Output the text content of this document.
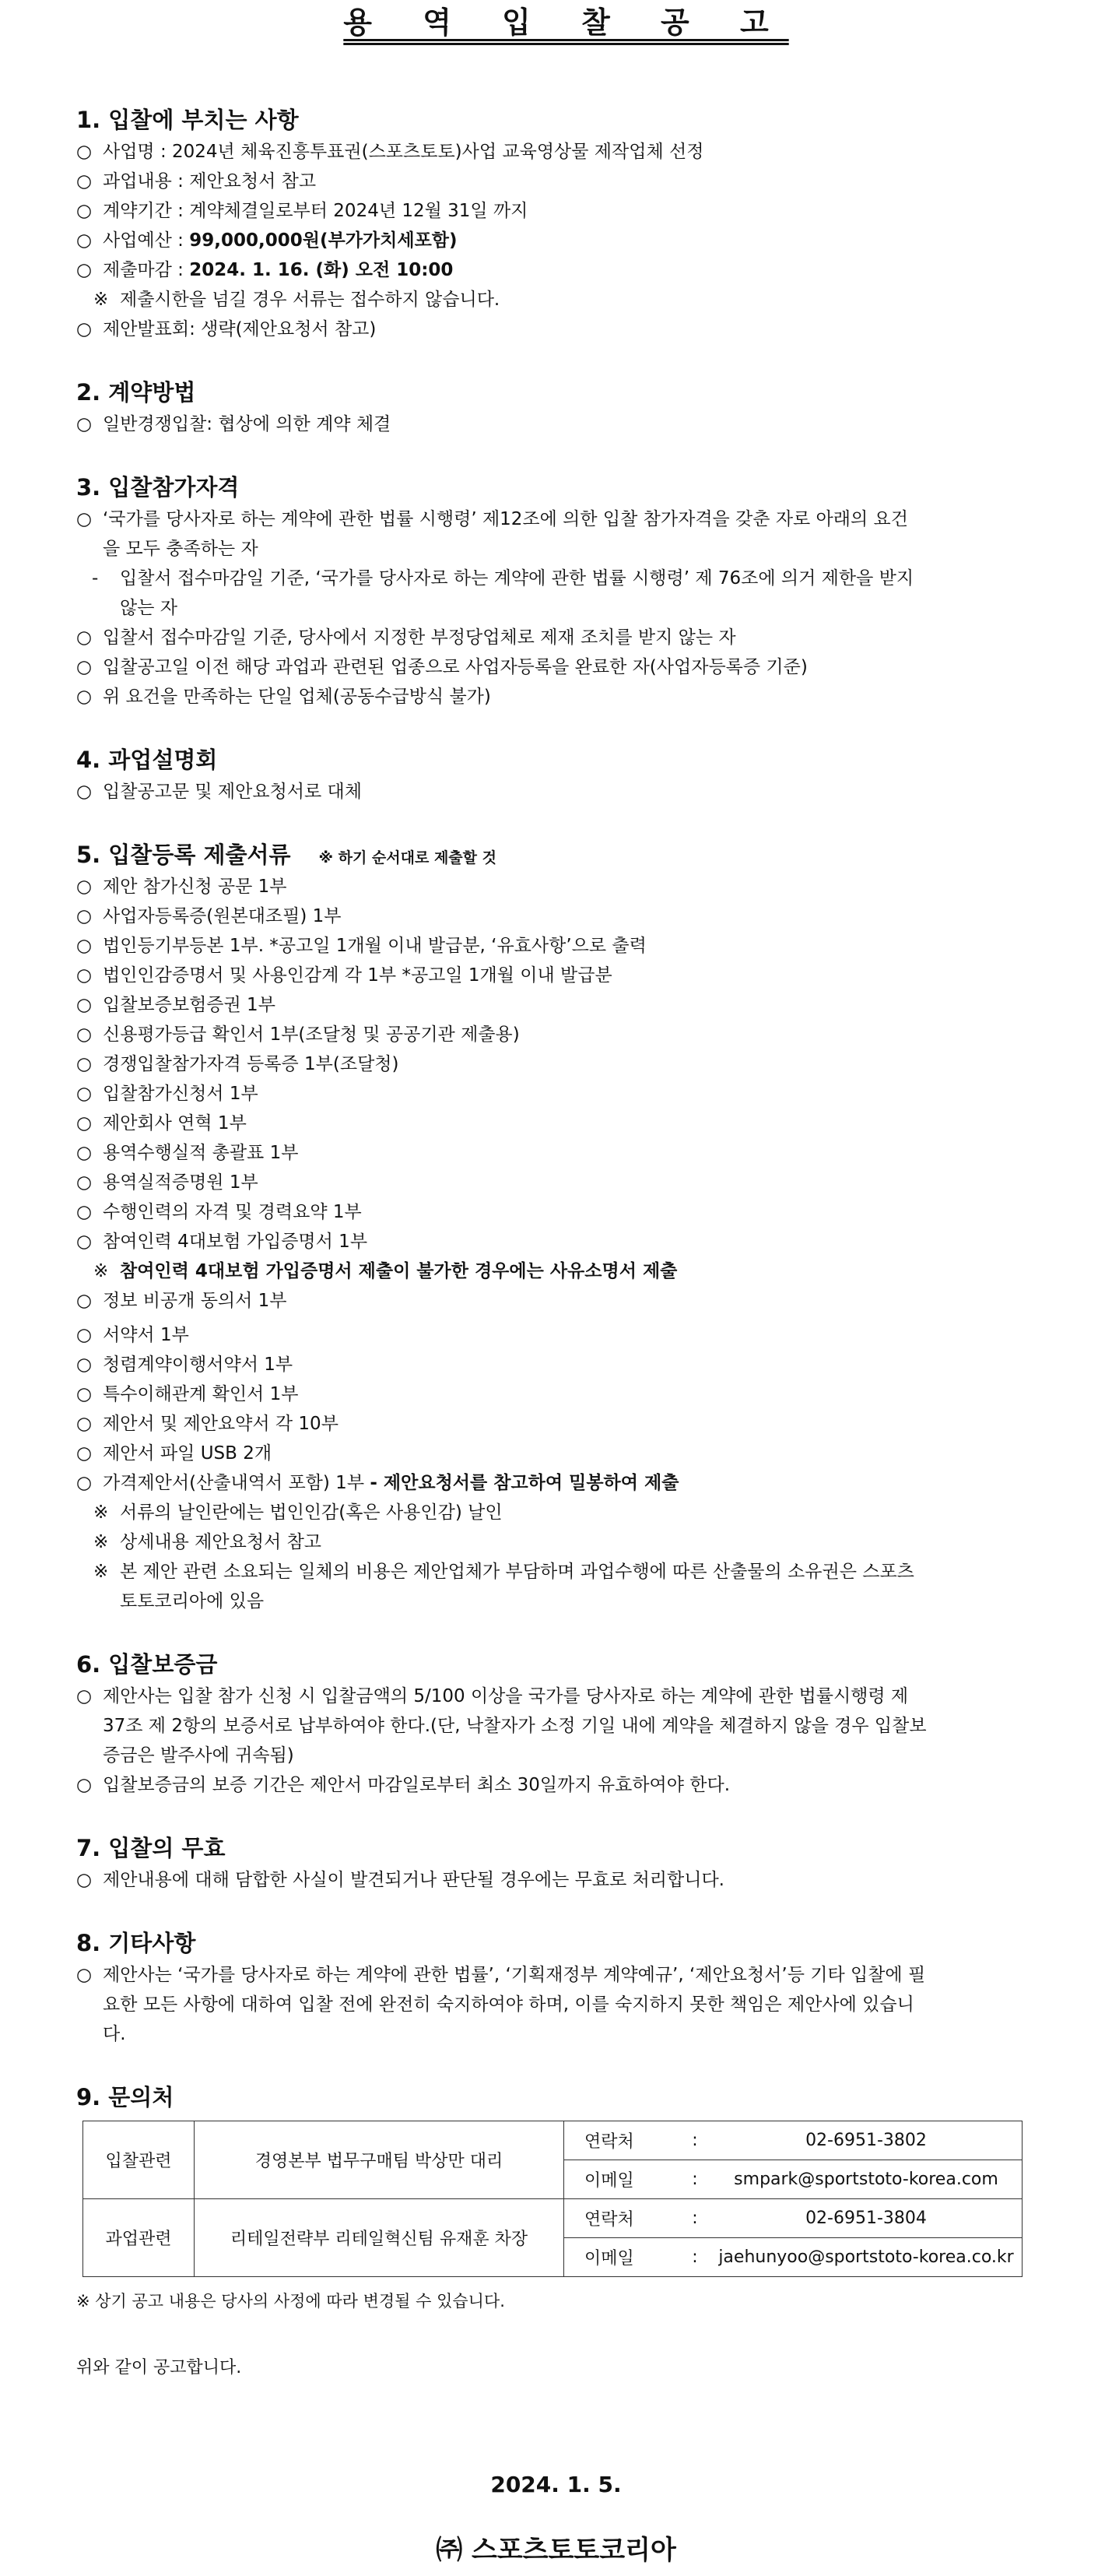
용 역 입 찰 공 고
1. 입찰에 부치는 사항
○ 사업명 : 2024년 체육진흥투표권(스포츠토토)사업 교육영상물 제작업체 선정
○ 과업내용 : 제안요청서 참고
○ 계약기간 : 계약체결일로부터 2024년 12월 31일 까지
○ 사업예산 : 99,000,000원(부가가치세포함)
○ 제출마감 : 2024. 1. 16. (화) 오전 10:00
※ 제출시한을 넘길 경우 서류는 접수하지 않습니다.
○ 제안발표회: 생략(제안요청서 참고)
2. 계약방법
○ 일반경쟁입찰: 협상에 의한 계약 체결
3. 입찰참가자격
○ ‘국가를 당사자로 하는 계약에 관한 법률 시행령’ 제12조에 의한 입찰 참가자격을 갖춘 자로 아래의 요건
을 모두 충족하는 자
- 입찰서 접수마감일 기준, ‘국가를 당사자로 하는 계약에 관한 법률 시행령’ 제 76조에 의거 제한을 받지
않는 자
○ 입찰서 접수마감일 기준, 당사에서 지정한 부정당업체로 제재 조치를 받지 않는 자
○ 입찰공고일 이전 해당 과업과 관련된 업종으로 사업자등록을 완료한 자(사업자등록증 기준)
○ 위 요건을 만족하는 단일 업체(공동수급방식 불가)
4. 과업설명회
○ 입찰공고문 및 제안요청서로 대체
5. 입찰등록 제출서류 ※ 하기 순서대로 제출할 것
○ 제안 참가신청 공문 1부
○ 사업자등록증(원본대조필) 1부
○ 법인등기부등본 1부. *공고일 1개월 이내 발급분, ‘유효사항’으로 출력
○ 법인인감증명서 및 사용인감계 각 1부 *공고일 1개월 이내 발급분
○ 입찰보증보험증권 1부
○ 신용평가등급 확인서 1부(조달청 및 공공기관 제출용)
○ 경쟁입찰참가자격 등록증 1부(조달청)
○ 입찰참가신청서 1부
○ 제안회사 연혁 1부
○ 용역수행실적 총괄표 1부
○ 용역실적증명원 1부
○ 수행인력의 자격 및 경력요약 1부
○ 참여인력 4대보험 가입증명서 1부
※ 참여인력 4대보험 가입증명서 제출이 불가한 경우에는 사유소명서 제출
○ 정보 비공개 동의서 1부
○ 서약서 1부
○ 청렴계약이행서약서 1부
○ 특수이해관계 확인서 1부
○ 제안서 및 제안요약서 각 10부
○ 제안서 파일 USB 2개
○ 가격제안서(산출내역서 포함) 1부 - 제안요청서를 참고하여 밀봉하여 제출
※ 서류의 날인란에는 법인인감(혹은 사용인감) 날인
※ 상세내용 제안요청서 참고
※ 본 제안 관련 소요되는 일체의 비용은 제안업체가 부담하며 과업수행에 따른 산출물의 소유권은 스포츠
토토코리아에 있음
6. 입찰보증금
○ 제안사는 입찰 참가 신청 시 입찰금액의 5/100 이상을 국가를 당사자로 하는 계약에 관한 법률시행령 제
37조 제 2항의 보증서로 납부하여야 한다.(단, 낙찰자가 소정 기일 내에 계약을 체결하지 않을 경우 입찰보
증금은 발주사에 귀속됨)
○ 입찰보증금의 보증 기간은 제안서 마감일로부터 최소 30일까지 유효하여야 한다.
7. 입찰의 무효
○ 제안내용에 대해 담합한 사실이 발견되거나 판단될 경우에는 무효로 처리합니다.
8. 기타사항
○ 제안사는 ‘국가를 당사자로 하는 계약에 관한 법률’, ‘기획재정부 계약예규’, ‘제안요청서’등 기타 입찰에 필
요한 모든 사항에 대하여 입찰 전에 완전히 숙지하여야 하며, 이를 숙지하지 못한 책임은 제안사에 있습니
다.
9. 문의처
입찰관련	경영본부 법무구매팀 박상만 대리	연락처	:	02-6951-3802
		이메일	:	smpark@sportstoto-korea.com
과업관련	리테일전략부 리테일혁신팀 유재훈 차장	연락처	:	02-6951-3804
		이메일	:	jaehunyoo@sportstoto-korea.co.kr
※ 상기 공고 내용은 당사의 사정에 따라 변경될 수 있습니다.
위와 같이 공고합니다.
2024. 1. 5.
㈜ 스포츠토토코리아
